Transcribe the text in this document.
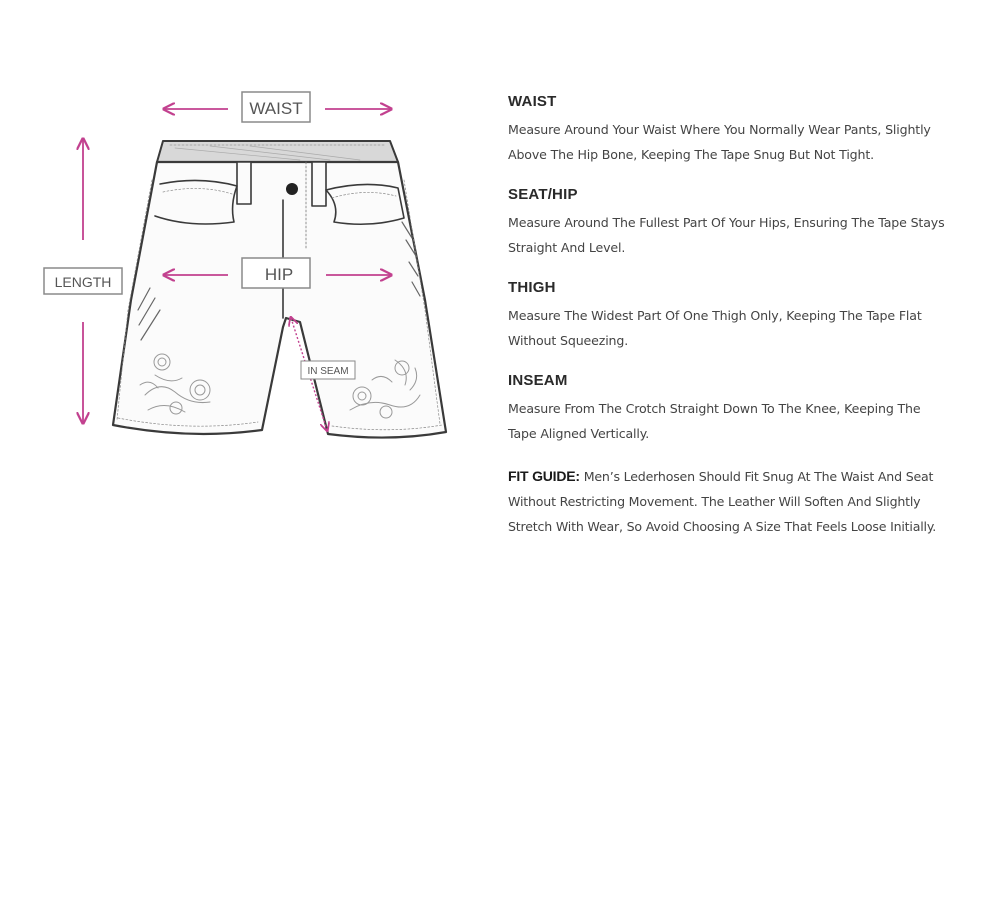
WAIST
HIP
LENGTH
IN SEAM
WAIST

Measure Around Your Waist Where You Normally Wear Pants, Slightly Above The Hip Bone, Keeping The Tape Snug But Not Tight.

SEAT/HIP

Measure Around The Fullest Part Of Your Hips, Ensuring The Tape Stays Straight And Level.

THIGH

Measure The Widest Part Of One Thigh Only, Keeping The Tape Flat Without Squeezing.

INSEAM

Measure From The Crotch Straight Down To The Knee, Keeping The Tape Aligned Vertically.

FIT GUIDE: Men’s Lederhosen Should Fit Snug At The Waist And Seat Without Restricting Movement. The Leather Will Soften And Slightly Stretch With Wear, So Avoid Choosing A Size That Feels Loose Initially.
